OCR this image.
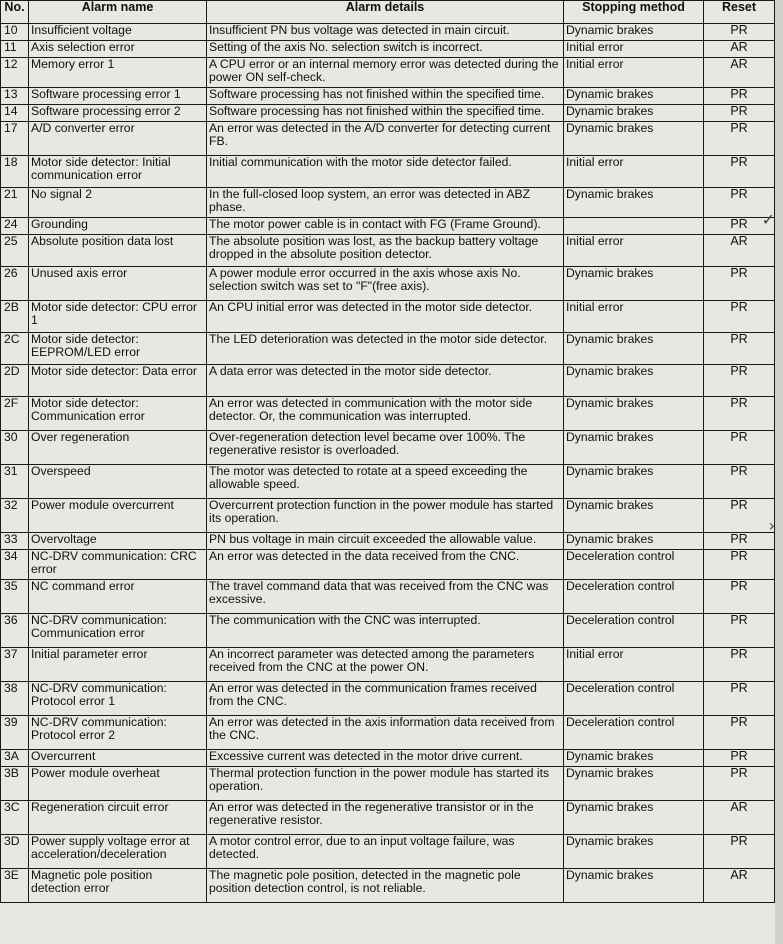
No.	Alarm name	Alarm details	Stopping method	Reset
10	Insufficient voltage	Insufficient PN bus voltage was detected in main circuit.	Dynamic brakes	PR
11	Axis selection error	Setting of the axis No. selection switch is incorrect.	Initial error	AR
12	Memory error 1	A CPU error or an internal memory error was detected during the power ON self-check.	Initial error	AR
13	Software processing error 1	Software processing has not finished within the specified time.	Dynamic brakes	PR
14	Software processing error 2	Software processing has not finished within the specified time.	Dynamic brakes	PR
17	A/D converter error	An error was detected in the A/D converter for detecting current FB.	Dynamic brakes	PR
18	Motor side detector: Initial communication error	Initial communication with the motor side detector failed.	Initial error	PR
21	No signal 2	In the full-closed loop system, an error was detected in ABZ phase.	Dynamic brakes	PR
24	Grounding	The motor power cable is in contact with FG (Frame Ground).		PR
25	Absolute position data lost	The absolute position was lost, as the backup battery voltage dropped in the absolute position detector.	Initial error	AR
26	Unused axis error	A power module error occurred in the axis whose axis No. selection switch was set to "F"(free axis).	Dynamic brakes	PR
2B	Motor side detector: CPU error 1	An CPU initial error was detected in the motor side detector.	Initial error	PR
2C	Motor side detector: EEPROM/LED error	The LED deterioration was detected in the motor side detector.	Dynamic brakes	PR
2D	Motor side detector: Data error	A data error was detected in the motor side detector.	Dynamic brakes	PR
2F	Motor side detector: Communication error	An error was detected in communication with the motor side detector. Or, the communication was interrupted.	Dynamic brakes	PR
30	Over regeneration	Over-regeneration detection level became over 100%. The regenerative resistor is overloaded.	Dynamic brakes	PR
31	Overspeed	The motor was detected to rotate at a speed exceeding the allowable speed.	Dynamic brakes	PR
32	Power module overcurrent	Overcurrent protection function in the power module has started its operation.	Dynamic brakes	PR
33	Overvoltage	PN bus voltage in main circuit exceeded the allowable value.	Dynamic brakes	PR
34	NC-DRV communication: CRC error	An error was detected in the data received from the CNC.	Deceleration control	PR
35	NC command error	The travel command data that was received from the CNC was excessive.	Deceleration control	PR
36	NC-DRV communication: Communication error	The communication with the CNC was interrupted.	Deceleration control	PR
37	Initial parameter error	An incorrect parameter was detected among the parameters received from the CNC at the power ON.	Initial error	PR
38	NC-DRV communication: Protocol error 1	An error was detected in the communication frames received from the CNC.	Deceleration control	PR
39	NC-DRV communication: Protocol error 2	An error was detected in the axis information data received from the CNC.	Deceleration control	PR
3A	Overcurrent	Excessive current was detected in the motor drive current.	Dynamic brakes	PR
3B	Power module overheat	Thermal protection function in the power module has started its operation.	Dynamic brakes	PR
3C	Regeneration circuit error	An error was detected in the regenerative transistor or in the regenerative resistor.	Dynamic brakes	AR
3D	Power supply voltage error at acceleration/deceleration	A motor control error, due to an input voltage failure, was detected.	Dynamic brakes	PR
3E	Magnetic pole position detection error	The magnetic pole position, detected in the magnetic pole position detection control, is not reliable.	Dynamic brakes	AR
✓
›
